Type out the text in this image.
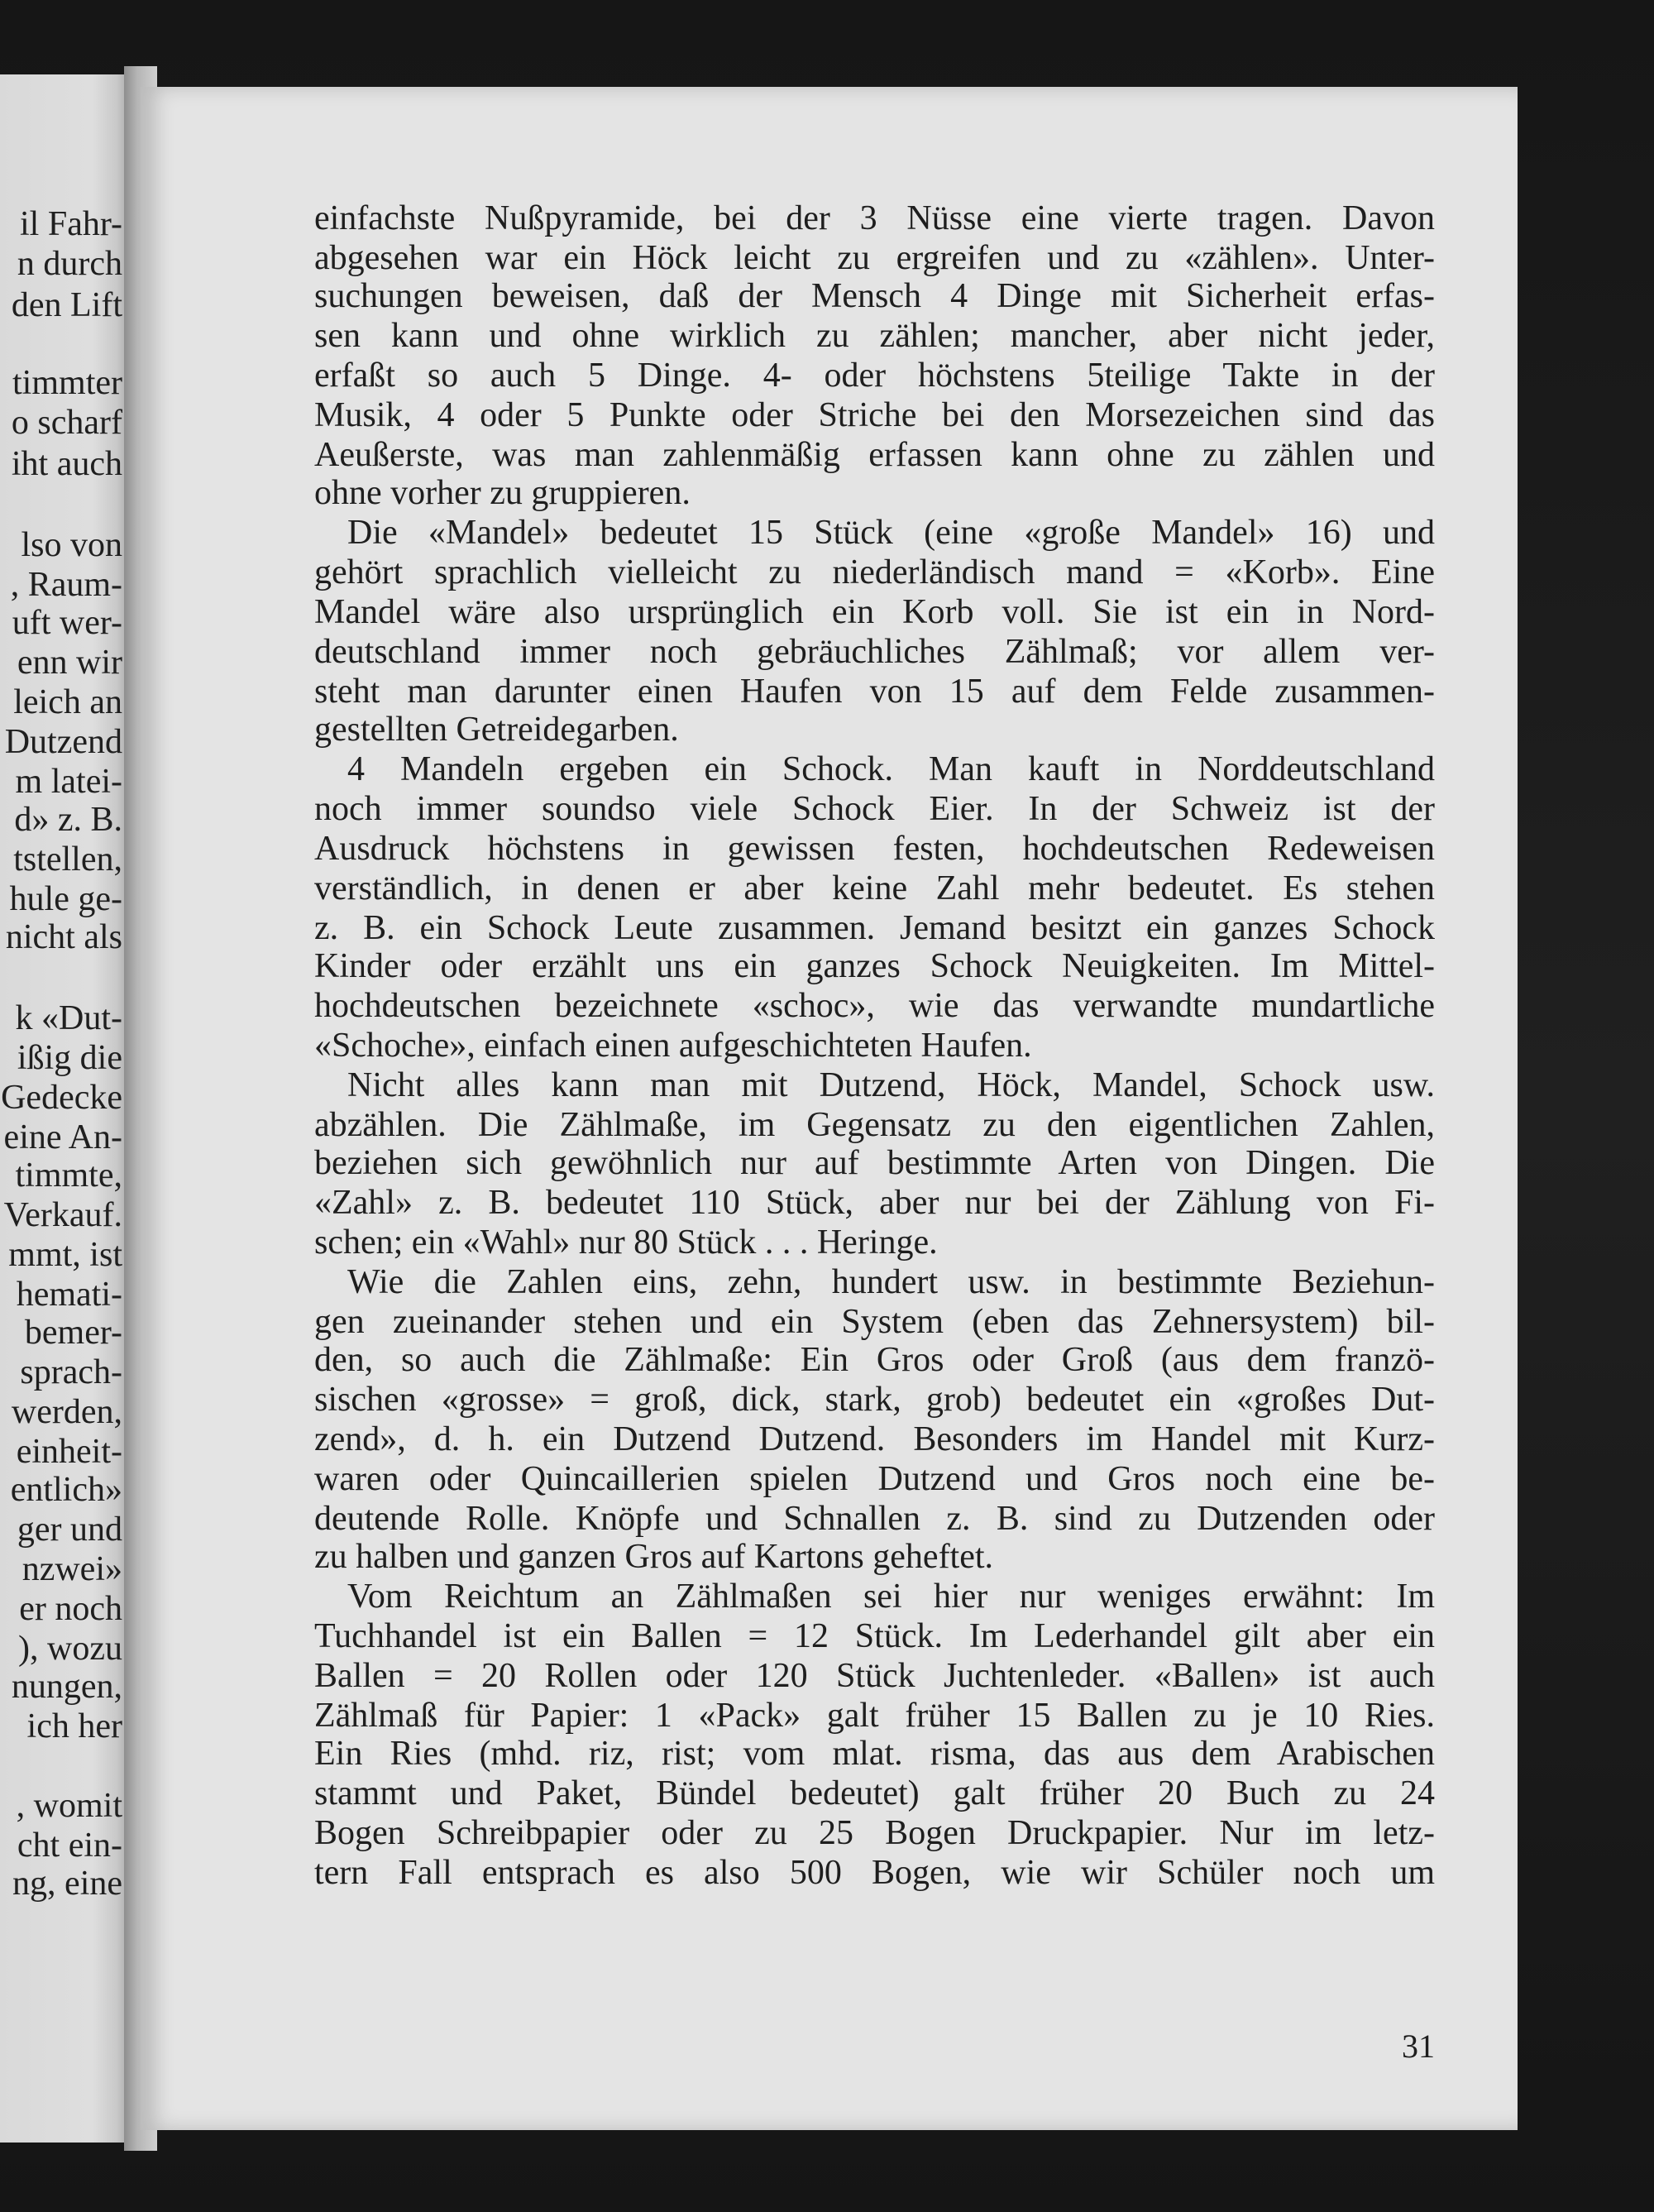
il Fahr-
n durch
den Lift
timmter
o scharf
iht auch
lso von
, Raum-
uft wer-
enn wir
leich an
Dutzend
m latei-
d» z. B.
tstellen,
hule ge-
nicht als
k «Dut-
ißig die
Gedecke
eine An-
timmte,
Verkauf.
mmt, ist
hemati-
bemer-
sprach-
werden,
einheit-
entlich»
ger und
nzwei»
er noch
), wozu
nungen,
ich her
, womit
cht ein-
ng, eine
einfachste Nußpyramide, bei der 3 Nüsse eine vierte tragen. Davon
abgesehen war ein Höck leicht zu ergreifen und zu «zählen». Unter-
suchungen beweisen, daß der Mensch 4 Dinge mit Sicherheit erfas-
sen kann und ohne wirklich zu zählen; mancher, aber nicht jeder,
erfaßt so auch 5 Dinge. 4- oder höchstens 5teilige Takte in der
Musik, 4 oder 5 Punkte oder Striche bei den Morsezeichen sind das
Aeußerste, was man zahlenmäßig erfassen kann ohne zu zählen und
ohne vorher zu gruppieren.
Die «Mandel» bedeutet 15 Stück (eine «große Mandel» 16) und
gehört sprachlich vielleicht zu niederländisch mand = «Korb». Eine
Mandel wäre also ursprünglich ein Korb voll. Sie ist ein in Nord-
deutschland immer noch gebräuchliches Zählmaß; vor allem ver-
steht man darunter einen Haufen von 15 auf dem Felde zusammen-
gestellten Getreidegarben.
4 Mandeln ergeben ein Schock. Man kauft in Norddeutschland
noch immer soundso viele Schock Eier. In der Schweiz ist der
Ausdruck höchstens in gewissen festen, hochdeutschen Redeweisen
verständlich, in denen er aber keine Zahl mehr bedeutet. Es stehen
z. B. ein Schock Leute zusammen. Jemand besitzt ein ganzes Schock
Kinder oder erzählt uns ein ganzes Schock Neuigkeiten. Im Mittel-
hochdeutschen bezeichnete «schoc», wie das verwandte mundartliche
«Schoche», einfach einen aufgeschichteten Haufen.
Nicht alles kann man mit Dutzend, Höck, Mandel, Schock usw.
abzählen. Die Zählmaße, im Gegensatz zu den eigentlichen Zahlen,
beziehen sich gewöhnlich nur auf bestimmte Arten von Dingen. Die
«Zahl» z. B. bedeutet 110 Stück, aber nur bei der Zählung von Fi-
schen; ein «Wahl» nur 80 Stück . . . Heringe.
Wie die Zahlen eins, zehn, hundert usw. in bestimmte Beziehun-
gen zueinander stehen und ein System (eben das Zehnersystem) bil-
den, so auch die Zählmaße: Ein Gros oder Groß (aus dem franzö-
sischen «grosse» = groß, dick, stark, grob) bedeutet ein «großes Dut-
zend», d. h. ein Dutzend Dutzend. Besonders im Handel mit Kurz-
waren oder Quincaillerien spielen Dutzend und Gros noch eine be-
deutende Rolle. Knöpfe und Schnallen z. B. sind zu Dutzenden oder
zu halben und ganzen Gros auf Kartons geheftet.
Vom Reichtum an Zählmaßen sei hier nur weniges erwähnt: Im
Tuchhandel ist ein Ballen = 12 Stück. Im Lederhandel gilt aber ein
Ballen = 20 Rollen oder 120 Stück Juchtenleder. «Ballen» ist auch
Zählmaß für Papier: 1 «Pack» galt früher 15 Ballen zu je 10 Ries.
Ein Ries (mhd. riz, rist; vom mlat. risma, das aus dem Arabischen
stammt und Paket, Bündel bedeutet) galt früher 20 Buch zu 24
Bogen Schreibpapier oder zu 25 Bogen Druckpapier. Nur im letz-
tern Fall entsprach es also 500 Bogen, wie wir Schüler noch um
31
